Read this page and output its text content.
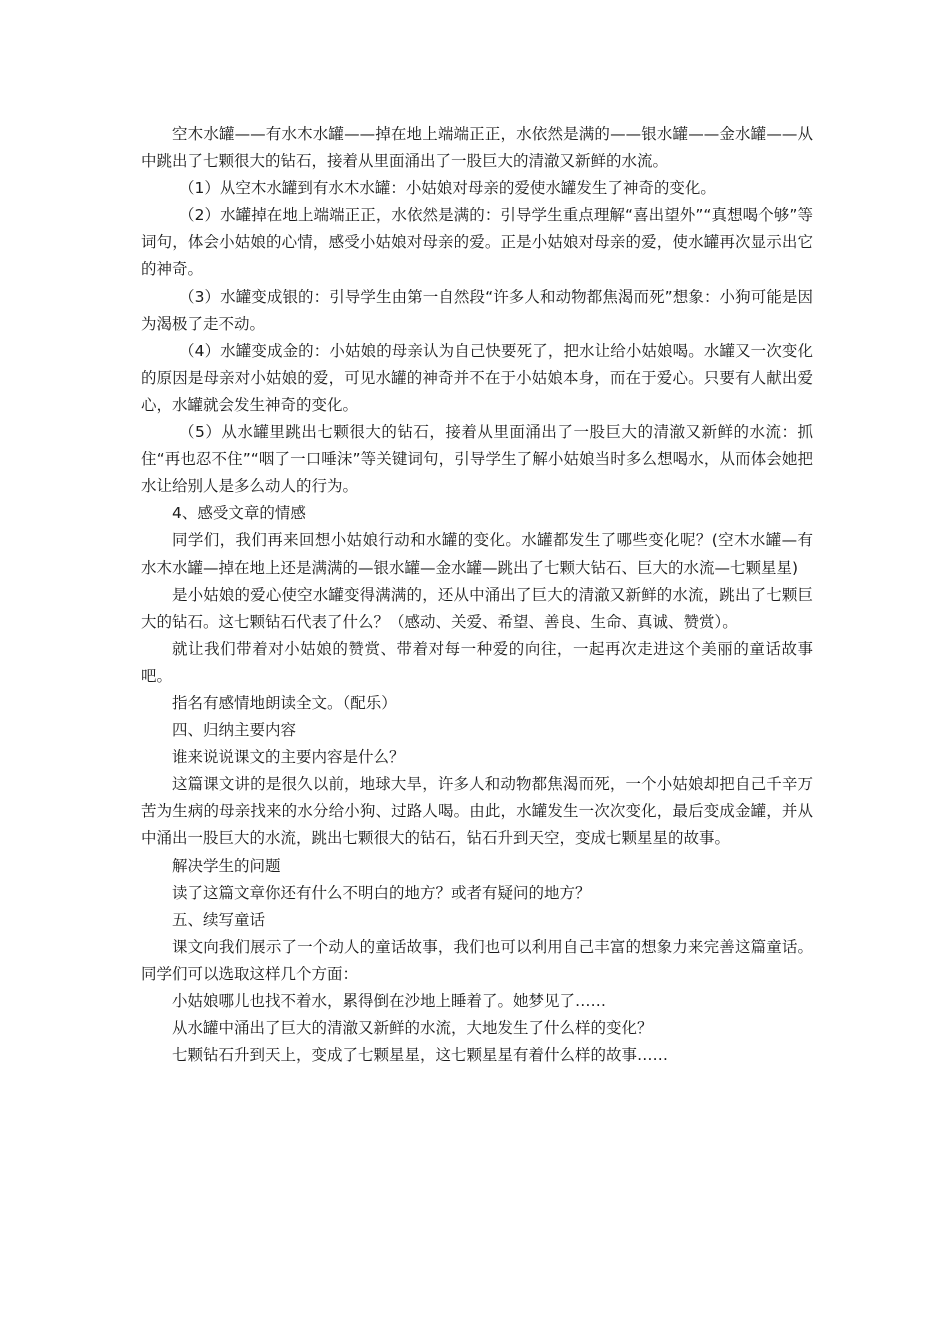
空木水罐——有水木水罐——掉在地上端端正正，水依然是满的——银水罐——金水罐——从中跳出了七颗很大的钻石，接着从里面涌出了一股巨大的清澈又新鲜的水流。

（1）从空木水罐到有水木水罐：小姑娘对母亲的爱使水罐发生了神奇的变化。

（2）水罐掉在地上端端正正，水依然是满的：引导学生重点理解“喜出望外”“真想喝个够”等词句，体会小姑娘的心情，感受小姑娘对母亲的爱。正是小姑娘对母亲的爱，使水罐再次显示出它的神奇。

（3）水罐变成银的：引导学生由第一自然段“许多人和动物都焦渴而死”想象：小狗可能是因为渴极了走不动。

（4）水罐变成金的：小姑娘的母亲认为自己快要死了，把水让给小姑娘喝。水罐又一次变化的原因是母亲对小姑娘的爱，可见水罐的神奇并不在于小姑娘本身，而在于爱心。只要有人献出爱心，水罐就会发生神奇的变化。

（5）从水罐里跳出七颗很大的钻石，接着从里面涌出了一股巨大的清澈又新鲜的水流：抓住“再也忍不住”“咽了一口唾沫”等关键词句，引导学生了解小姑娘当时多么想喝水，从而体会她把水让给别人是多么动人的行为。

4、感受文章的情感

同学们，我们再来回想小姑娘行动和水罐的变化。水罐都发生了哪些变化呢？(空木水罐—有水木水罐—掉在地上还是满满的—银水罐—金水罐—跳出了七颗大钻石、巨大的水流—七颗星星)

是小姑娘的爱心使空水罐变得满满的，还从中涌出了巨大的清澈又新鲜的水流，跳出了七颗巨大的钻石。这七颗钻石代表了什么？（感动、关爱、希望、善良、生命、真诚、赞赏）。

就让我们带着对小姑娘的赞赏、带着对每一种爱的向往，一起再次走进这个美丽的童话故事吧。

指名有感情地朗读全文。（配乐）

四、归纳主要内容

谁来说说课文的主要内容是什么？

这篇课文讲的是很久以前，地球大旱，许多人和动物都焦渴而死，一个小姑娘却把自己千辛万苦为生病的母亲找来的水分给小狗、过路人喝。由此，水罐发生一次次变化，最后变成金罐，并从中涌出一股巨大的水流，跳出七颗很大的钻石，钻石升到天空，变成七颗星星的故事。

解决学生的问题

读了这篇文章你还有什么不明白的地方？或者有疑问的地方？

五、续写童话

课文向我们展示了一个动人的童话故事，我们也可以利用自己丰富的想象力来完善这篇童话。同学们可以选取这样几个方面：

小姑娘哪儿也找不着水，累得倒在沙地上睡着了。她梦见了……

从水罐中涌出了巨大的清澈又新鲜的水流，大地发生了什么样的变化？

七颗钻石升到天上，变成了七颗星星，这七颗星星有着什么样的故事……
